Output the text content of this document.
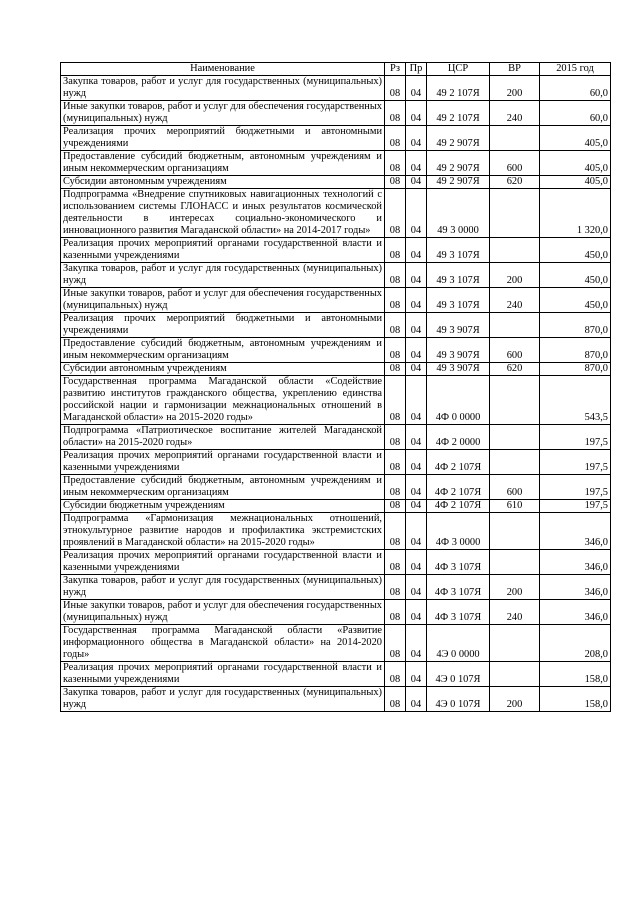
Наименование	Рз	Пр	ЦСР	ВР	2015 год
Закупка товаров, работ и услуг для государственных (муниципальных) нужд	08	04	49 2 107Я	200	60,0
Иные закупки товаров, работ и услуг для обеспечения государственных (муниципальных) нужд	08	04	49 2 107Я	240	60,0
Реализация прочих мероприятий бюджетными и автономными учреждениями	08	04	49 2 907Я		405,0
Предоставление субсидий бюджетным, автономным учреждениям и иным некоммерческим организациям	08	04	49 2 907Я	600	405,0
Субсидии автономным учреждениям	08	04	49 2 907Я	620	405,0
Подпрограмма «Внедрение спутниковых навигационных технологий с использованием системы ГЛОНАСС и иных результатов космической деятельности в интересах социально-экономического и инновационного развития Магаданской области» на 2014-2017 годы»	08	04	49 3 0000		1 320,0
Реализация прочих мероприятий органами государственной власти и казенными учреждениями	08	04	49 3 107Я		450,0
Закупка товаров, работ и услуг для государственных (муниципальных) нужд	08	04	49 3 107Я	200	450,0
Иные закупки товаров, работ и услуг для обеспечения государственных (муниципальных) нужд	08	04	49 3 107Я	240	450,0
Реализация прочих мероприятий бюджетными и автономными учреждениями	08	04	49 3 907Я		870,0
Предоставление субсидий бюджетным, автономным учреждениям и иным некоммерческим организациям	08	04	49 3 907Я	600	870,0
Субсидии автономным учреждениям	08	04	49 3 907Я	620	870,0
Государственная программа Магаданской области «Содействие развитию институтов гражданского общества, укреплению единства российской нации и гармонизации межнациональных отношений в Магаданской области» на 2015-2020 годы»	08	04	4Ф 0 0000		543,5
Подпрограмма «Патриотическое воспитание жителей Магаданской области» на 2015-2020 годы»	08	04	4Ф 2 0000		197,5
Реализация прочих мероприятий органами государственной власти и казенными учреждениями	08	04	4Ф 2 107Я		197,5
Предоставление субсидий бюджетным, автономным учреждениям и иным некоммерческим организациям	08	04	4Ф 2 107Я	600	197,5
Субсидии бюджетным учреждениям	08	04	4Ф 2 107Я	610	197,5
Подпрограмма «Гармонизация межнациональных отношений, этнокультурное развитие народов и профилактика экстремистских проявлений в Магаданской области» на 2015-2020 годы»	08	04	4Ф 3 0000		346,0
Реализация прочих мероприятий органами государственной власти и казенными учреждениями	08	04	4Ф 3 107Я		346,0
Закупка товаров, работ и услуг для государственных (муниципальных) нужд	08	04	4Ф 3 107Я	200	346,0
Иные закупки товаров, работ и услуг для обеспечения государственных (муниципальных) нужд	08	04	4Ф 3 107Я	240	346,0
Государственная программа Магаданской области «Развитие информационного общества в Магаданской области» на 2014-2020 годы»	08	04	4Э 0 0000		208,0
Реализация прочих мероприятий органами государственной власти и казенными учреждениями	08	04	4Э 0 107Я		158,0
Закупка товаров, работ и услуг для государственных (муниципальных) нужд	08	04	4Э 0 107Я	200	158,0
